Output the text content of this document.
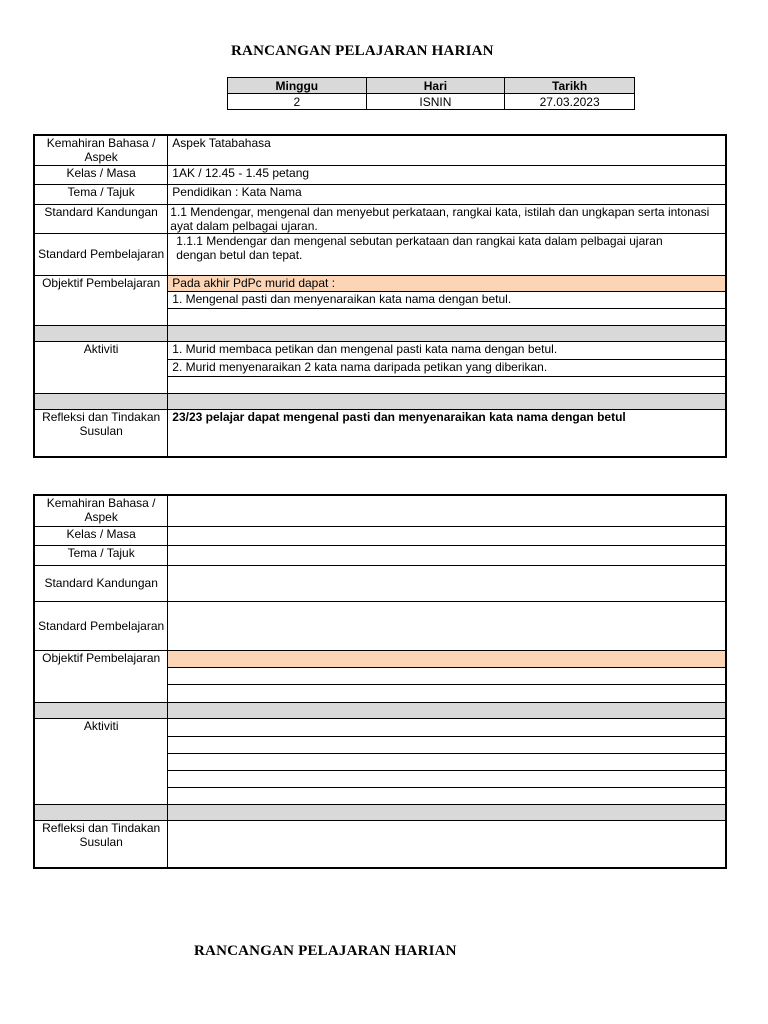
RANCANGAN PELAJARAN HARIAN
Minggu	Hari	Tarikh
2	ISNIN	27.03.2023
Kemahiran Bahasa / Aspek	Aspek Tatabahasa
Kelas / Masa	1AK / 12.45 - 1.45 petang
Tema / Tajuk	Pendidikan : Kata Nama
Standard Kandungan	1.1 Mendengar, mengenal dan menyebut perkataan, rangkai kata, istilah dan ungkapan serta intonasi ayat dalam pelbagai ujaran.
Standard Pembelajaran	1.1.1 Mendengar dan mengenal sebutan perkataan dan rangkai kata dalam pelbagai ujaran dengan betul dan tepat.
Objektif Pembelajaran	Pada akhir PdPc murid dapat :
	1. Mengenal pasti dan menyenaraikan kata nama dengan betul.

Aktiviti	1. Murid membaca petikan dan mengenal pasti kata nama dengan betul.
	2. Murid menyenaraikan 2 kata nama daripada petikan yang diberikan.

Refleksi dan Tindakan Susulan	23/23 pelajar dapat mengenal pasti dan menyenaraikan kata nama dengan betul
Kemahiran Bahasa / Aspek	
Kelas / Masa	
Tema / Tajuk	
Standard Kandungan	
Standard Pembelajaran	
Objektif Pembelajaran	

Aktiviti	

Refleksi dan Tindakan Susulan	
RANCANGAN PELAJARAN HARIAN
